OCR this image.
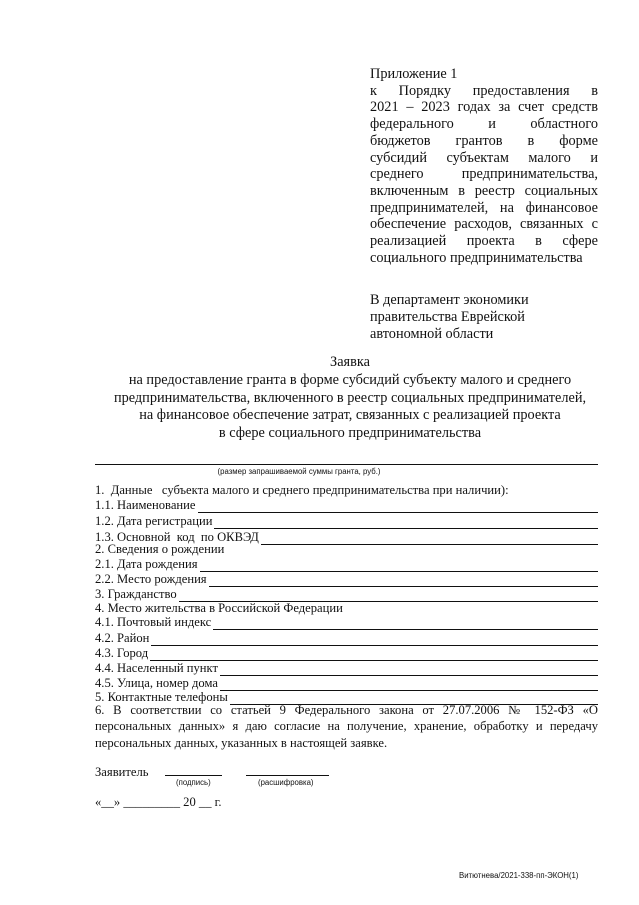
Приложение 1
к Порядку предоставления в
2021 – 2023 годах за счет средств
федерального и областного
бюджетов грантов в форме
субсидий субъектам малого и
среднего предпринимательства,
включенным в реестр социальных
предпринимателей, на финансовое
обеспечение расходов, связанных с
реализацией проекта в сфере
социального предпринимательства
В департамент экономики
правительства Еврейской
автономной области
Заявка
на предоставление гранта в форме субсидий субъекту малого и среднего
предпринимательства, включенного в реестр социальных предпринимателей,
на финансовое обеспечение затрат, связанных с реализацией проекта
в сфере социального предпринимательства
(размер запрашиваемой суммы гранта, руб.)
1.  Данные   субъекта малого и среднего предпринимательства при наличии):
1.1. Наименование
1.2. Дата регистрации
1.3. Основной  код  по ОКВЭД
2. Сведения о рождении
2.1. Дата рождения
2.2. Место рождения
3. Гражданство
4. Место жительства в Российской Федерации
4.1. Почтовый индекс
4.2. Район
4.3. Город
4.4. Населенный пункт
4.5. Улица, номер дома
5. Контактные телефоны
6. В соответствии со статьей 9 Федерального закона от 27.07.2006 № 152-ФЗ «О
персональных данных» я даю согласие на получение, хранение, обработку и передачу
персональных данных, указанных в настоящей заявке.
Заявитель
(подпись)	(расшифровка)
«__» _________ 20 __ г.
Витютнева/2021-338-пп-ЭКОН(1)
